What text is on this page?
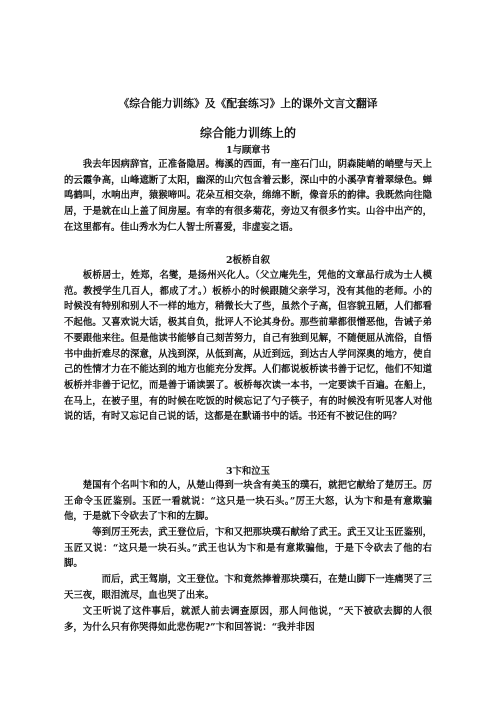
《综合能力训练》及《配套练习》上的课外文言文翻译
综合能力训练上的
1与顾章书

我去年因病辞官，正准备隐居。梅溪的西面，有一座石门山，阴森陡峭的峭壁与天上的云霞争高，山峰遮断了太阳，幽深的山穴包含着云影，深山中的小溪孕育着翠绿色。蝉鸣鹤叫，水响出声，猿猴啼叫。花朵互相交杂，绵绵不断，像音乐的韵律。我既然向往隐居，于是就在山上盖了间房屋。有幸的有很多菊花，旁边又有很多竹实。山谷中出产的，在这里都有。佳山秀水为仁人智士所喜爱，非虚妄之语。

2板桥自叙

板桥居士，姓郑，名燮，是扬州兴化人。（父立庵先生，凭他的文章品行成为士人模范。教授学生几百人，都成了才。）板桥小的时候跟随父亲学习，没有其他的老师。小的时候没有特别和别人不一样的地方，稍微长大了些，虽然个子高，但容貌丑陋，人们都看不起他。又喜欢说大话，极其自负，批评人不论其身份。那些前辈都很憎恶他，告诫子弟不要跟他来往。但是他读书能够自己刻苦努力，自己有独到见解，不随便屈从流俗，自悟书中曲折难尽的深意，从浅到深，从低到高，从近到远，到达古人学问深奥的地方，使自己的性情才力在不能达到的地方也能充分发挥。人们都说板桥读书善于记忆，他们不知道板桥并非善于记忆，而是善于诵读罢了。板桥每次读一本书，一定要读千百遍。在船上，在马上，在被子里，有的时候在吃饭的时候忘记了勺子筷子，有的时候没有听见客人对他说的话，有时又忘记自己说的话，这都是在默诵书中的话。书还有不被记住的吗？

3卞和泣玉

楚国有个名叫卞和的人，从楚山得到一块含有美玉的璞石，就把它献给了楚厉王。厉王命令玉匠鉴别。玉匠一看就说：“这只是一块石头。”厉王大怒，认为卞和是有意欺骗他，于是就下令砍去了卞和的左脚。

等到厉王死去，武王登位后，卞和又把那块璞石献给了武王。武王又让玉匠鉴别，玉匠又说：“这只是一块石头。”武王也认为卞和是有意欺骗他，于是下令砍去了他的右脚。

而后，武王驾崩，文王登位。卞和竟然捧着那块璞石，在楚山脚下一连痛哭了三天三夜，眼泪流尽，血也哭了出来。

文王听说了这件事后，就派人前去调查原因，那人问他说，“天下被砍去脚的人很多，为什么只有你哭得如此悲伤呢?”卞和回答说：“我并非因
